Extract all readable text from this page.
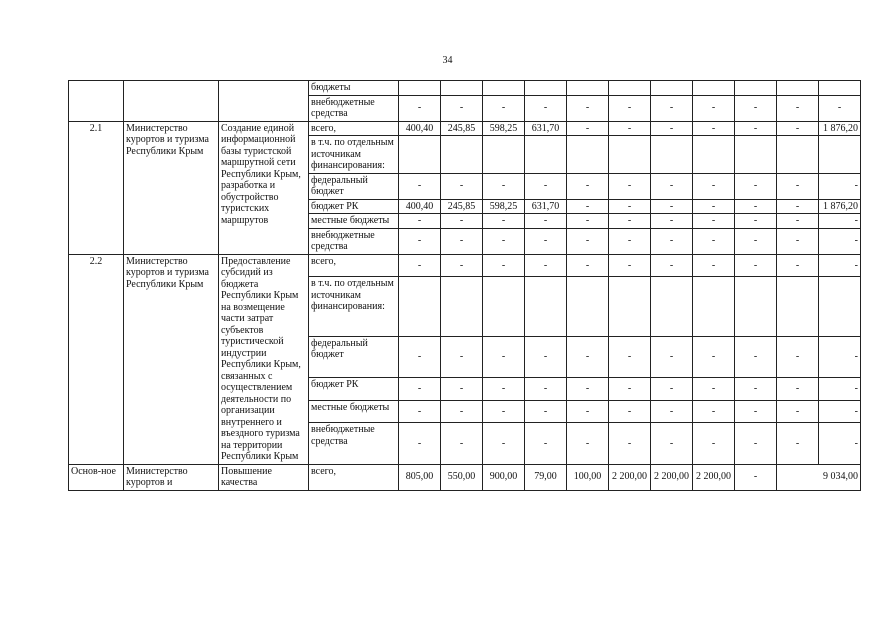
34
			бюджеты											
			внебюджетные средства	-	-	-	-	-	-	-	-	-	-	-
2.1	Министерство курортов и туризма Республики Крым	Создание единой информационной базы туристской маршрутной сети Республики Крым, разработка и обустройство туристских маршрутов	всего,	400,40	245,85	598,25	631,70	-	-	-	-	-	-	1 876,20
			в т.ч. по отдельным источникам финансирования:											
			федеральный бюджет	-	-	-	-	-	-	-	-	-	-	-
			бюджет РК	400,40	245,85	598,25	631,70	-	-	-	-	-	-	1 876,20
			местные бюджеты	-	-	-	-	-	-	-	-	-	-	-
			внебюджетные средства	-	-	-	-	-	-	-	-	-	-	-
2.2	Министерство курортов и туризма Республики Крым	Предоставление субсидий из бюджета Республики Крым на возмещение части затрат субъектов туристической индустрии Республики Крым, связанных с осуществлением деятельности по организации внутреннего и въездного туризма на территории Республики Крым	всего,	-	-	-	-	-	-	-	-	-	-	-
			в т.ч. по отдельным источникам финансирования:											
			федеральный бюджет	-	-	-	-	-	-	-	-	-	-	-
			бюджет РК	-	-	-	-	-	-	-	-	-	-	-
			местные бюджеты	-	-	-	-	-	-	-	-	-	-	-
			внебюджетные средства	-	-	-	-	-	-	-	-	-	-	-
Основ-ное	Министерство курортов и	Повышение качества	всего,	805,00	550,00	900,00	79,00	100,00	2 200,00	2 200,00	2 200,00	-	9 034,00	
